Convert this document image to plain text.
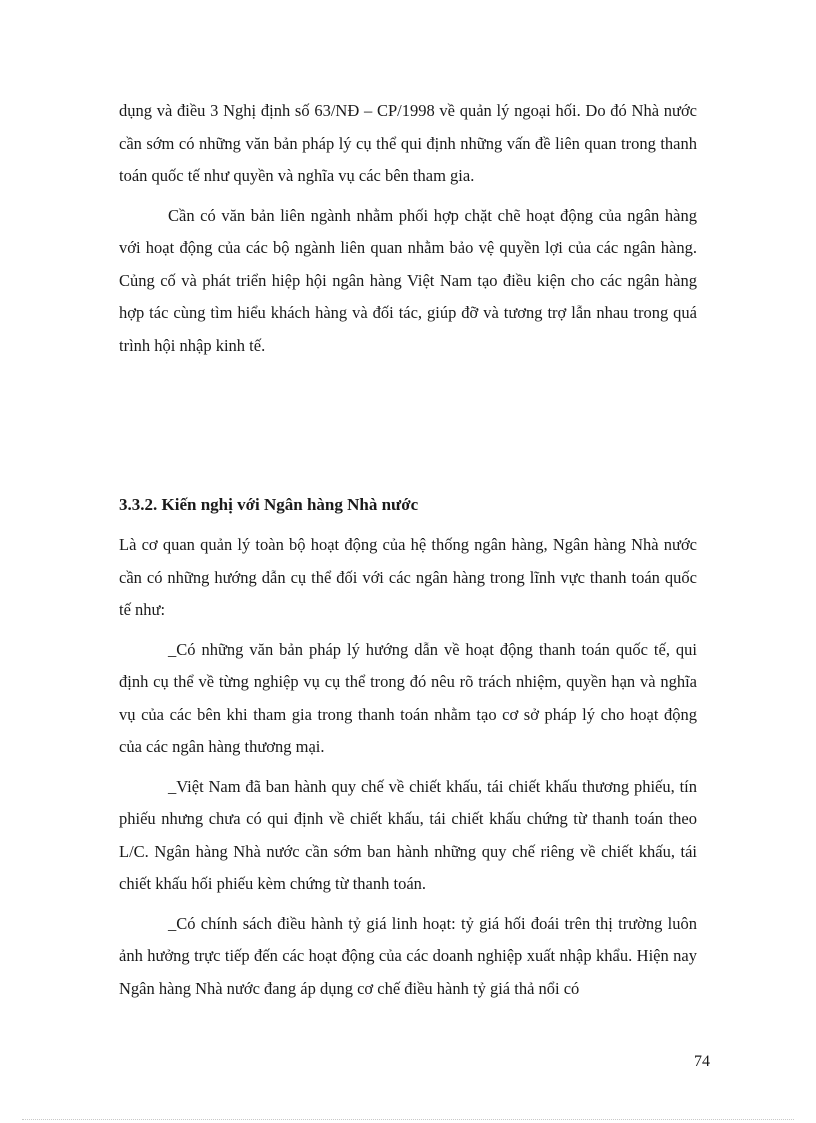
dụng và điều 3 Nghị định số 63/NĐ – CP/1998 về quản lý ngoại hối. Do đó Nhà nước cần sớm có những văn bản pháp lý cụ thể qui định những vấn đề liên quan trong thanh toán quốc tế như quyền và nghĩa vụ các bên tham gia.

Cần có văn bản liên ngành nhằm phối hợp chặt chẽ hoạt động của ngân hàng với hoạt động của các bộ ngành liên quan nhằm bảo vệ quyền lợi của các ngân hàng. Củng cố và phát triển hiệp hội ngân hàng Việt Nam tạo điều kiện cho các ngân hàng hợp tác cùng tìm hiểu khách hàng và đối tác, giúp đỡ và tương trợ lẫn nhau trong quá trình hội nhập kinh tế.

3.3.2. Kiến nghị với Ngân hàng Nhà nước

Là cơ quan quản lý toàn bộ hoạt động của hệ thống ngân hàng, Ngân hàng Nhà nước cần có những hướng dẫn cụ thể đối với các ngân hàng trong lĩnh vực thanh toán quốc tế như:

_Có những văn bản pháp lý hướng dẫn về hoạt động thanh toán quốc tế, qui định cụ thể về từng nghiệp vụ cụ thể trong đó nêu rõ trách nhiệm, quyền hạn và nghĩa vụ của các bên khi tham gia trong thanh toán nhằm tạo cơ sở pháp lý cho hoạt động của các ngân hàng thương mại.

_Việt Nam đã ban hành quy chế về chiết khấu, tái chiết khấu thương phiếu, tín phiếu nhưng chưa có qui định về chiết khấu, tái chiết khấu chứng từ thanh toán theo L/C. Ngân hàng Nhà nước cần sớm ban hành những quy chế riêng về chiết khấu, tái chiết khấu hối phiếu kèm chứng từ thanh toán.

_Có chính sách điều hành tỷ giá linh hoạt: tỷ giá hối đoái trên thị trường luôn ảnh hưởng trực tiếp đến các hoạt động của các doanh nghiệp xuất nhập khẩu. Hiện nay Ngân hàng Nhà nước đang áp dụng cơ chế điều hành tỷ giá thả nổi có

74
